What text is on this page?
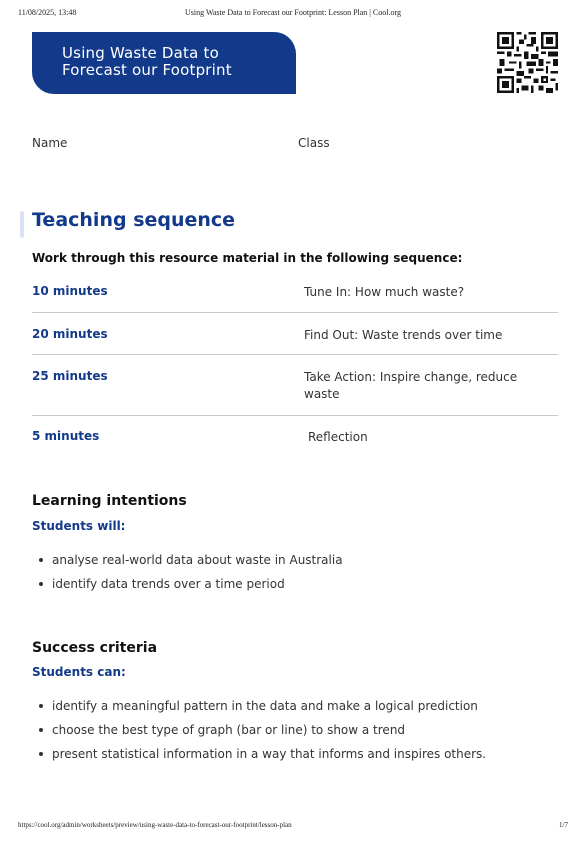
11/08/2025, 13:48	Using Waste Data to Forecast our Footprint: Lesson Plan | Cool.org
Using Waste Data to
Forecast our Footprint
Name	Class
Teaching sequence

Work through this resource material in the following sequence:

10 minutes	Tune In: How much waste?
20 minutes	Find Out: Waste trends over time
25 minutes	Take Action: Inspire change, reduce waste
5 minutes	Reflection
Learning intentions
Students will:
analyse real-world data about waste in Australia
identify data trends over a time period
Success criteria
Students can:
identify a meaningful pattern in the data and make a logical prediction
choose the best type of graph (bar or line) to show a trend
present statistical information in a way that informs and inspires others.
https://cool.org/admin/worksheets/preview/using-waste-data-to-forecast-our-footprint/lesson-plan	1/7
